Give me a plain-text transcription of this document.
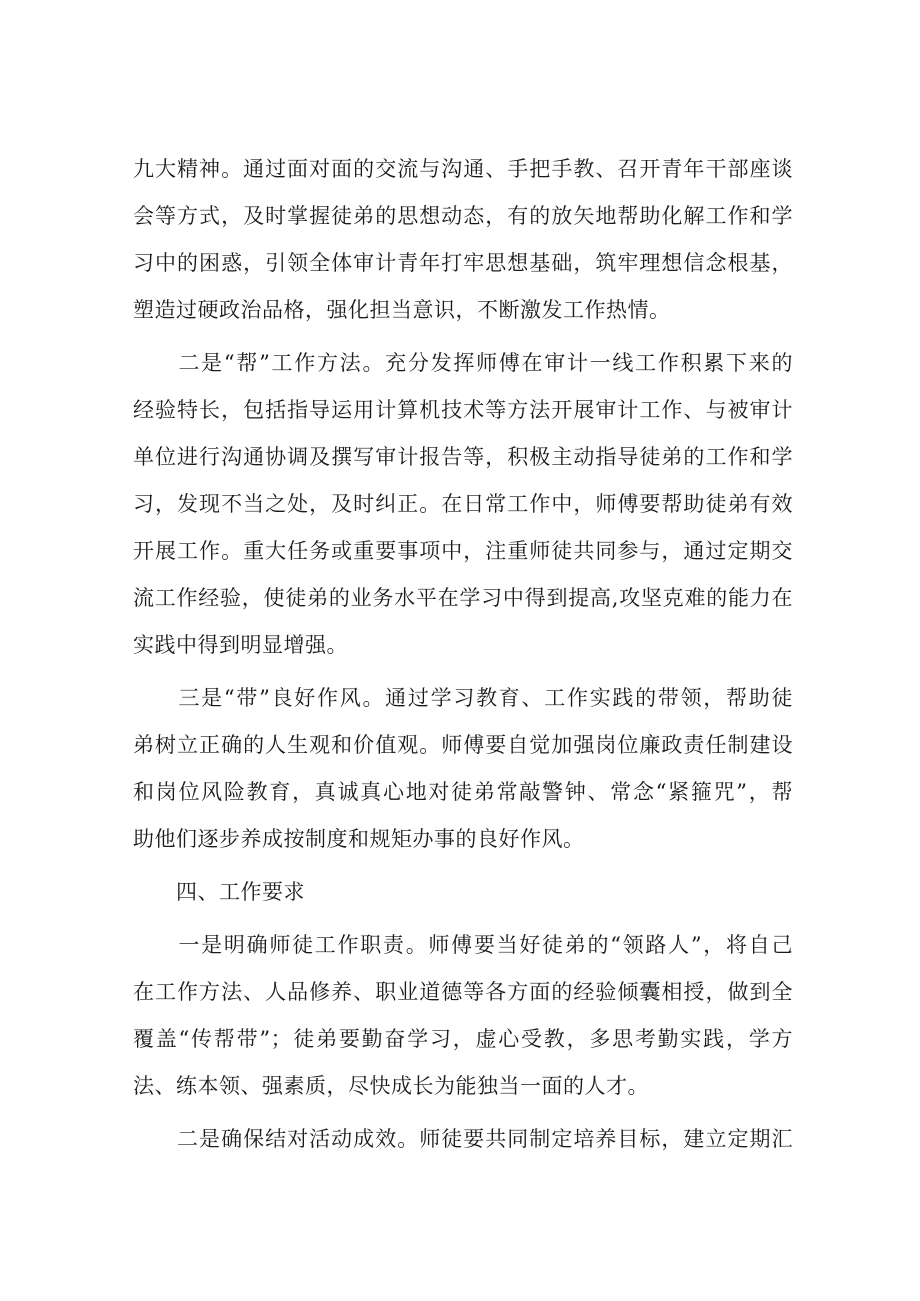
九大精神。通过面对面的交流与沟通、手把手教、召开青年干部座谈
会等方式，及时掌握徒弟的思想动态，有的放矢地帮助化解工作和学
习中的困惑，引领全体审计青年打牢思想基础，筑牢理想信念根基，
塑造过硬政治品格，强化担当意识，不断激发工作热情。
　　二是“帮”工作方法。充分发挥师傅在审计一线工作积累下来的
经验特长，包括指导运用计算机技术等方法开展审计工作、与被审计
单位进行沟通协调及撰写审计报告等，积极主动指导徒弟的工作和学
习，发现不当之处，及时纠正。在日常工作中，师傅要帮助徒弟有效
开展工作。重大任务或重要事项中，注重师徒共同参与，通过定期交
流工作经验，使徒弟的业务水平在学习中得到提高,攻坚克难的能力在
实践中得到明显增强。
　　三是“带”良好作风。通过学习教育、工作实践的带领，帮助徒
弟树立正确的人生观和价值观。师傅要自觉加强岗位廉政责任制建设
和岗位风险教育，真诚真心地对徒弟常敲警钟、常念“紧箍咒”，帮
助他们逐步养成按制度和规矩办事的良好作风。
　　四、工作要求
　　一是明确师徒工作职责。师傅要当好徒弟的“领路人”，将自己
在工作方法、人品修养、职业道德等各方面的经验倾囊相授，做到全
覆盖“传帮带”；徒弟要勤奋学习，虚心受教，多思考勤实践，学方
法、练本领、强素质，尽快成长为能独当一面的人才。
　　二是确保结对活动成效。师徒要共同制定培养目标，建立定期汇
